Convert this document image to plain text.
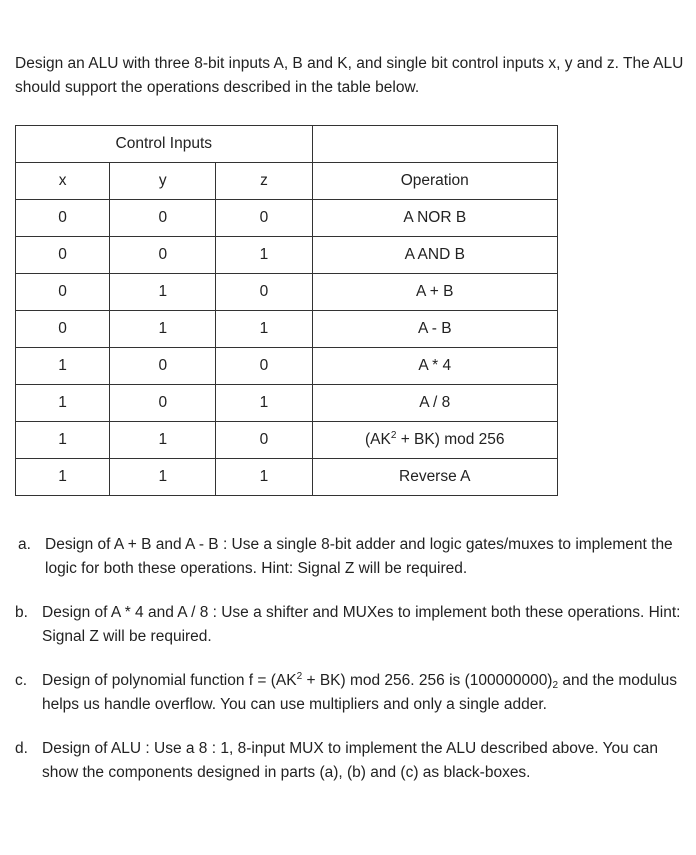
Design an ALU with three 8-bit inputs A, B and K, and single bit control inputs x, y and z. The ALU should support the operations described in the table below.

Control Inputs			
x	y	z	Operation
0	0	0	A NOR B
0	0	1	A AND B
0	1	0	A + B
0	1	1	A - B
1	0	0	A * 4
1	0	1	A / 8
1	1	0	$(AK^2 + BK)$ mod 256
1	1	1	Reverse A
a. Design of A + B and A - B : Use a single 8-bit adder and logic gates/muxes to implement the logic for both these operations. Hint: Signal Z will be required.
b. Design of A * 4 and A / 8 : Use a shifter and MUXes to implement both these operations. Hint: Signal Z will be required.
c. Design of polynomial function $f = (AK^2 + BK)$ mod 256. 256 is $(100000000)_2$ and the modulus helps us handle overflow. You can use multipliers and only a single adder.
d. Design of ALU : Use a 8 : 1, 8-input MUX to implement the ALU described above. You can show the components designed in parts (a), (b) and (c) as black-boxes.
